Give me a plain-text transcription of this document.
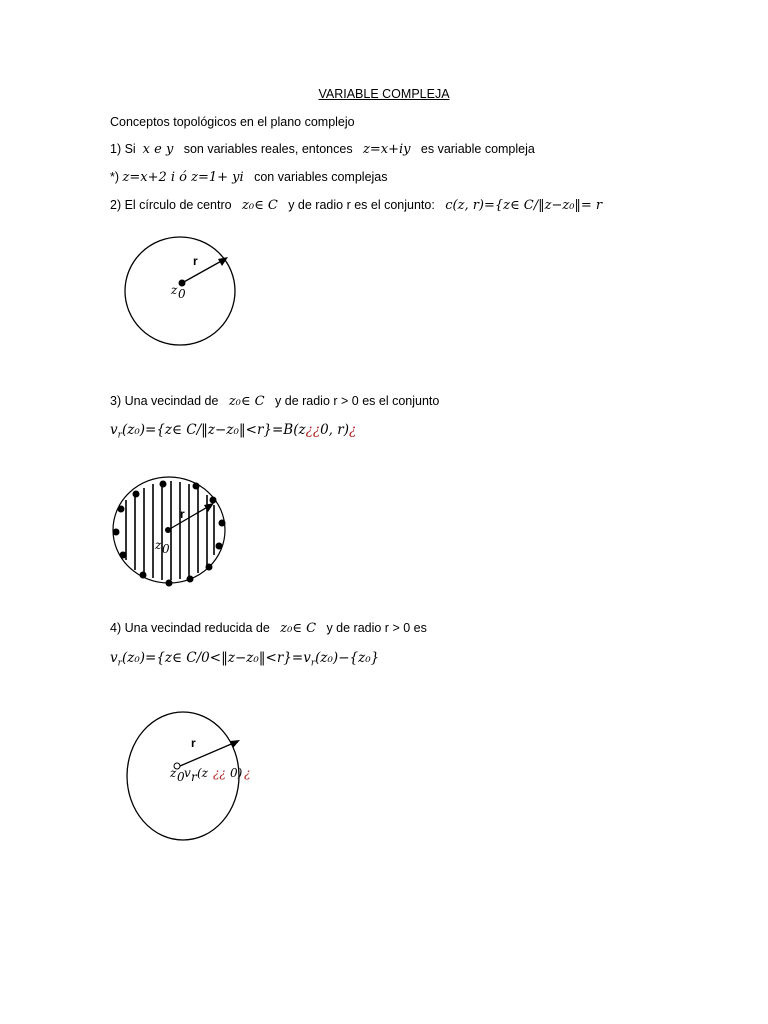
VARIABLE COMPLEJA
Conceptos topológicos en el plano complejo
1) Si x e y son variables reales, entonces z=x+iy es variable compleja
*) z=x+2 i ó z=1+ yi con variables complejas
2) El círculo de centro z₀∈ C y de radio r es el conjunto: c(z, r)={z∈ C/‖z−z₀‖= r
r
z 0
3) Una vecindad de z₀∈ C y de radio r > 0 es el conjunto
$v_r(z_0)=\{z\in$ C/‖z−z₀‖<r}=B(z¿¿0, r)¿
r
z 0
4) Una vecindad reducida de z₀∈ C y de radio r > 0 es
$v_r(z_0)=\{z\in$ $C/0<‖z-z_0‖<r\}=v_r(z_0)-\{z_0\}$
r
z 0 v r (z ¿¿ 0) ¿
